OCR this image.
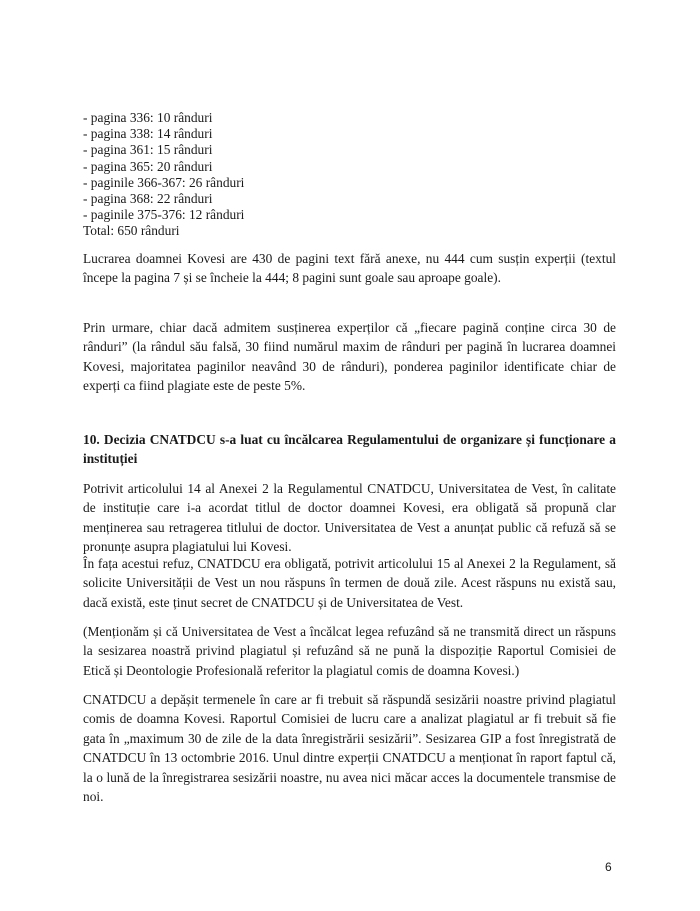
- pagina 336: 10 rânduri
- pagina 338: 14 rânduri
- pagina 361: 15 rânduri
- pagina 365: 20 rânduri
- paginile 366-367: 26 rânduri
- pagina 368: 22 rânduri
- paginile 375-376: 12 rânduri
Total: 650 rânduri

Lucrarea doamnei Kovesi are 430 de pagini text fără anexe, nu 444 cum susțin experții (textul începe la pagina 7 și se încheie la 444; 8 pagini sunt goale sau aproape goale).

Prin urmare, chiar dacă admitem susținerea experților că „fiecare pagină conține circa 30 de rânduri” (la rândul său falsă, 30 fiind numărul maxim de rânduri per pagină în lucrarea doamnei Kovesi, majoritatea paginilor neavând 30 de rânduri), ponderea paginilor identificate chiar de experți ca fiind plagiate este de peste 5%.

10. Decizia CNATDCU s-a luat cu încălcarea Regulamentului de organizare și funcționare a instituției

Potrivit articolului 14 al Anexei 2 la Regulamentul CNATDCU, Universitatea de Vest, în calitate de instituție care i-a acordat titlul de doctor doamnei Kovesi, era obligată să propună clar menținerea sau retragerea titlului de doctor. Universitatea de Vest a anunțat public că refuză să se pronunțe asupra plagiatului lui Kovesi.

În fața acestui refuz, CNATDCU era obligată, potrivit articolului 15 al Anexei 2 la Regulament, să solicite Universității de Vest un nou răspuns în termen de două zile. Acest răspuns nu există sau, dacă există, este ținut secret de CNATDCU și de Universitatea de Vest.

(Menționăm și că Universitatea de Vest a încălcat legea refuzând să ne transmită direct un răspuns la sesizarea noastră privind plagiatul și refuzând să ne pună la dispoziție Raportul Comisiei de Etică și Deontologie Profesională referitor la plagiatul comis de doamna Kovesi.)

CNATDCU a depășit termenele în care ar fi trebuit să răspundă sesizării noastre privind plagiatul comis de doamna Kovesi. Raportul Comisiei de lucru care a analizat plagiatul ar fi trebuit să fie gata în „maximum 30 de zile de la data înregistrării sesizării”. Sesizarea GIP a fost înregistrată de CNATDCU în 13 octombrie 2016. Unul dintre experții CNATDCU a menționat în raport faptul că, la o lună de la înregistrarea sesizării noastre, nu avea nici măcar acces la documentele transmise de noi.

6
